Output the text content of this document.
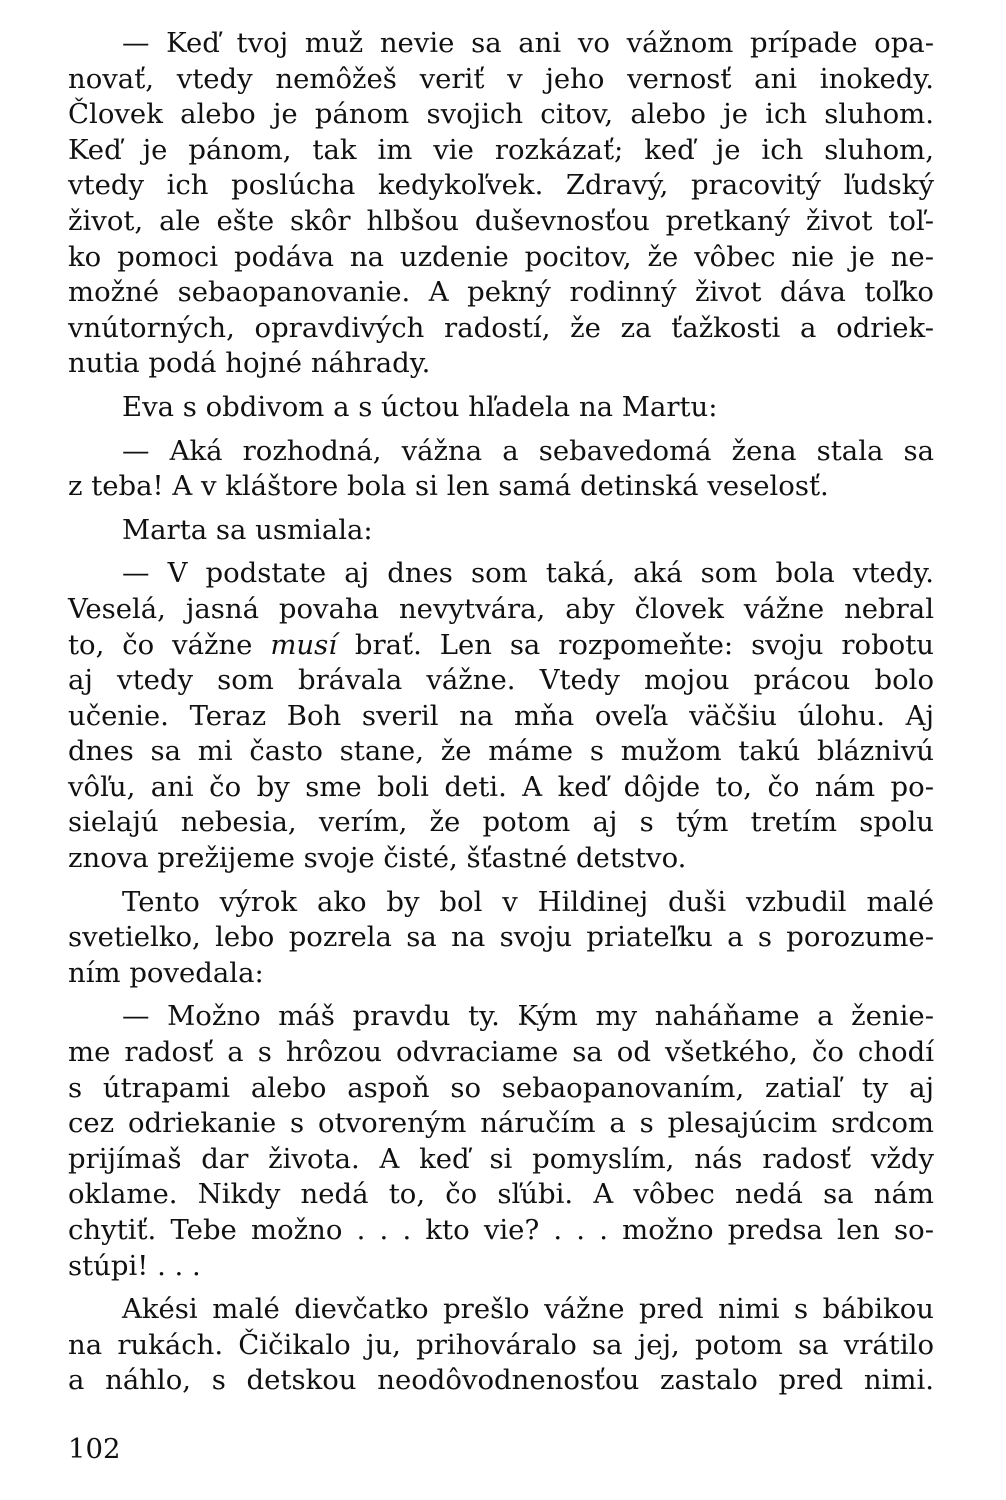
— Keď tvoj muž nevie sa ani vo vážnom prípade opa-
novať, vtedy nemôžeš veriť v jeho vernosť ani inokedy.
Človek alebo je pánom svojich citov, alebo je ich sluhom.
Keď je pánom, tak im vie rozkázať; keď je ich sluhom,
vtedy ich poslúcha kedykoľvek. Zdravý, pracovitý ľudský
život, ale ešte skôr hlbšou duševnosťou pretkaný život toľ-
ko pomoci podáva na uzdenie pocitov, že vôbec nie je ne-
možné sebaopanovanie. A pekný rodinný život dáva toľko
vnútorných, opravdivých radostí, že za ťažkosti a odriek-
nutia podá hojné náhrady.
Eva s obdivom a s úctou hľadela na Martu:
— Aká rozhodná, vážna a sebavedomá žena stala sa
z teba! A v kláštore bola si len samá detinská veselosť.
Marta sa usmiala:
— V podstate aj dnes som taká, aká som bola vtedy.
Veselá, jasná povaha nevytvára, aby človek vážne nebral
to, čo vážne musí brať. Len sa rozpomeňte: svoju robotu
aj vtedy som brávala vážne. Vtedy mojou prácou bolo
učenie. Teraz Boh sveril na mňa oveľa väčšiu úlohu. Aj
dnes sa mi často stane, že máme s mužom takú bláznivú
vôľu, ani čo by sme boli deti. A keď dôjde to, čo nám po-
sielajú nebesia, verím, že potom aj s tým tretím spolu
znova prežijeme svoje čisté, šťastné detstvo.
Tento výrok ako by bol v Hildinej duši vzbudil malé
svetielko, lebo pozrela sa na svoju priateľku a s porozume-
ním povedala:
— Možno máš pravdu ty. Kým my naháňame a ženie-
me radosť a s hrôzou odvraciame sa od všetkého, čo chodí
s útrapami alebo aspoň so sebaopanovaním, zatiaľ ty aj
cez odriekanie s otvoreným náručím a s plesajúcim srdcom
prijímaš dar života. A keď si pomyslím, nás radosť vždy
oklame. Nikdy nedá to, čo sľúbi. A vôbec nedá sa nám
chytiť. Tebe možno . . . kto vie? . . . možno predsa len so-
stúpi! . . .
Akési malé dievčatko prešlo vážne pred nimi s bábikou
na rukách. Čičikalo ju, prihováralo sa jej, potom sa vrátilo
a náhlo, s detskou neodôvodnenosťou zastalo pred nimi.
102
